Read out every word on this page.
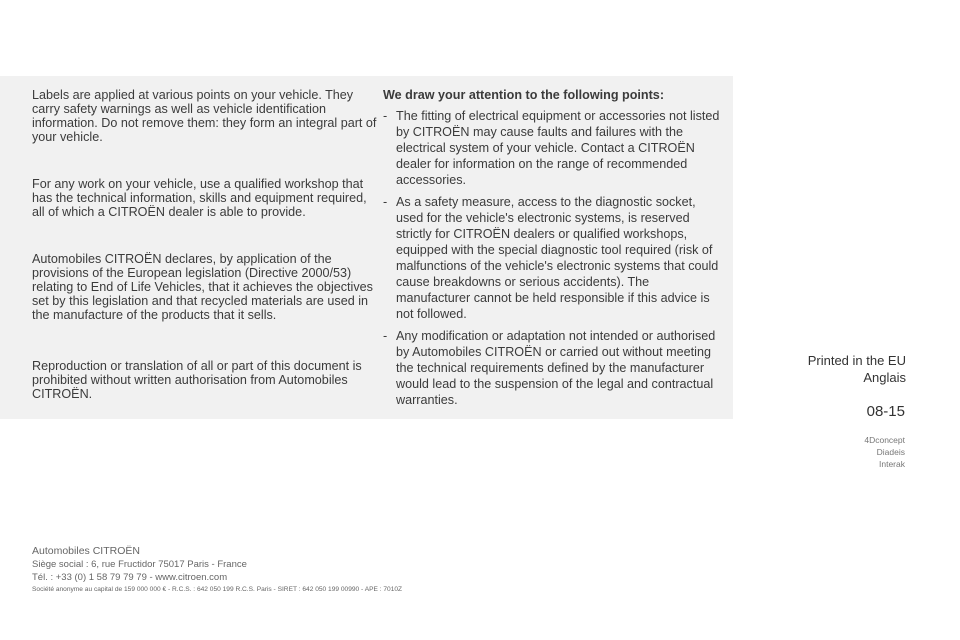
Labels are applied at various points on your vehicle. They carry safety warnings as well as vehicle identification information. Do not remove them: they form an integral part of your vehicle.

For any work on your vehicle, use a qualified workshop that has the technical information, skills and equipment required, all of which a CITROËN dealer is able to provide.

Automobiles CITROËN declares, by application of the provisions of the European legislation (Directive 2000/53) relating to End of Life Vehicles, that it achieves the objectives set by this legislation and that recycled materials are used in the manufacture of the products that it sells.

Reproduction or translation of all or part of this document is prohibited without written authorisation from Automobiles CITROËN.

We draw your attention to the following points:
- The fitting of electrical equipment or accessories not listed by CITROËN may cause faults and failures with the electrical system of your vehicle. Contact a CITROËN dealer for information on the range of recommended accessories.
- As a safety measure, access to the diagnostic socket, used for the vehicle's electronic systems, is reserved strictly for CITROËN dealers or qualified workshops, equipped with the special diagnostic tool required (risk of malfunctions of the vehicle's electronic systems that could cause breakdowns or serious accidents). The manufacturer cannot be held responsible if this advice is not followed.
- Any modification or adaptation not intended or authorised by Automobiles CITROËN or carried out without meeting the technical requirements defined by the manufacturer would lead to the suspension of the legal and contractual warranties.
Printed in the EU
Anglais
08-15
4Dconcept
Diadeis
Interak
Automobiles CITROËN
Siège social : 6, rue Fructidor 75017 Paris - France
Tél. : +33 (0) 1 58 79 79 79 - www.citroen.com
Société anonyme au capital de 159 000 000 € - R.C.S. : 642 050 199 R.C.S. Paris - SIRET : 642 050 199 00990 - APE : 7010Z
